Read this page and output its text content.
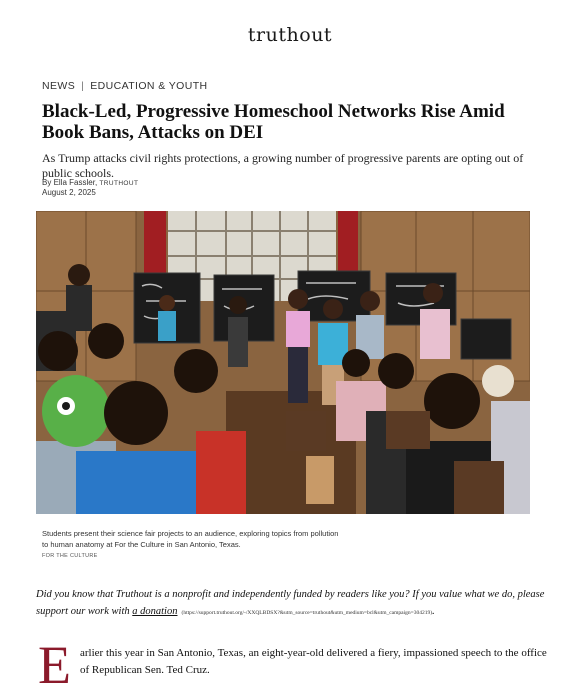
truthout
NEWS | EDUCATION & YOUTH
Black-Led, Progressive Homeschool Networks Rise Amid Book Bans, Attacks on DEI

As Trump attacks civil rights protections, a growing number of progressive parents are opting out of public schools.

By Ella Fassler, TRUTHOUT
August 2, 2025

Students present their science fair projects to an audience, exploring topics from pollution to human anatomy at For the Culture in San Antonio, Texas.

FOR THE CULTURE

Did you know that Truthout is a nonprofit and independently funded by readers like you? If you value what we do, please support our work with a donation (https://support.truthout.org/-/XXQLBDSX?&utm_source=truthout&utm_medium=bcl&utm_campaign=304219).

E arlier this year in San Antonio, Texas, an eight-year-old delivered a fiery, impassioned speech to the office of Republican Sen. Ted Cruz.
